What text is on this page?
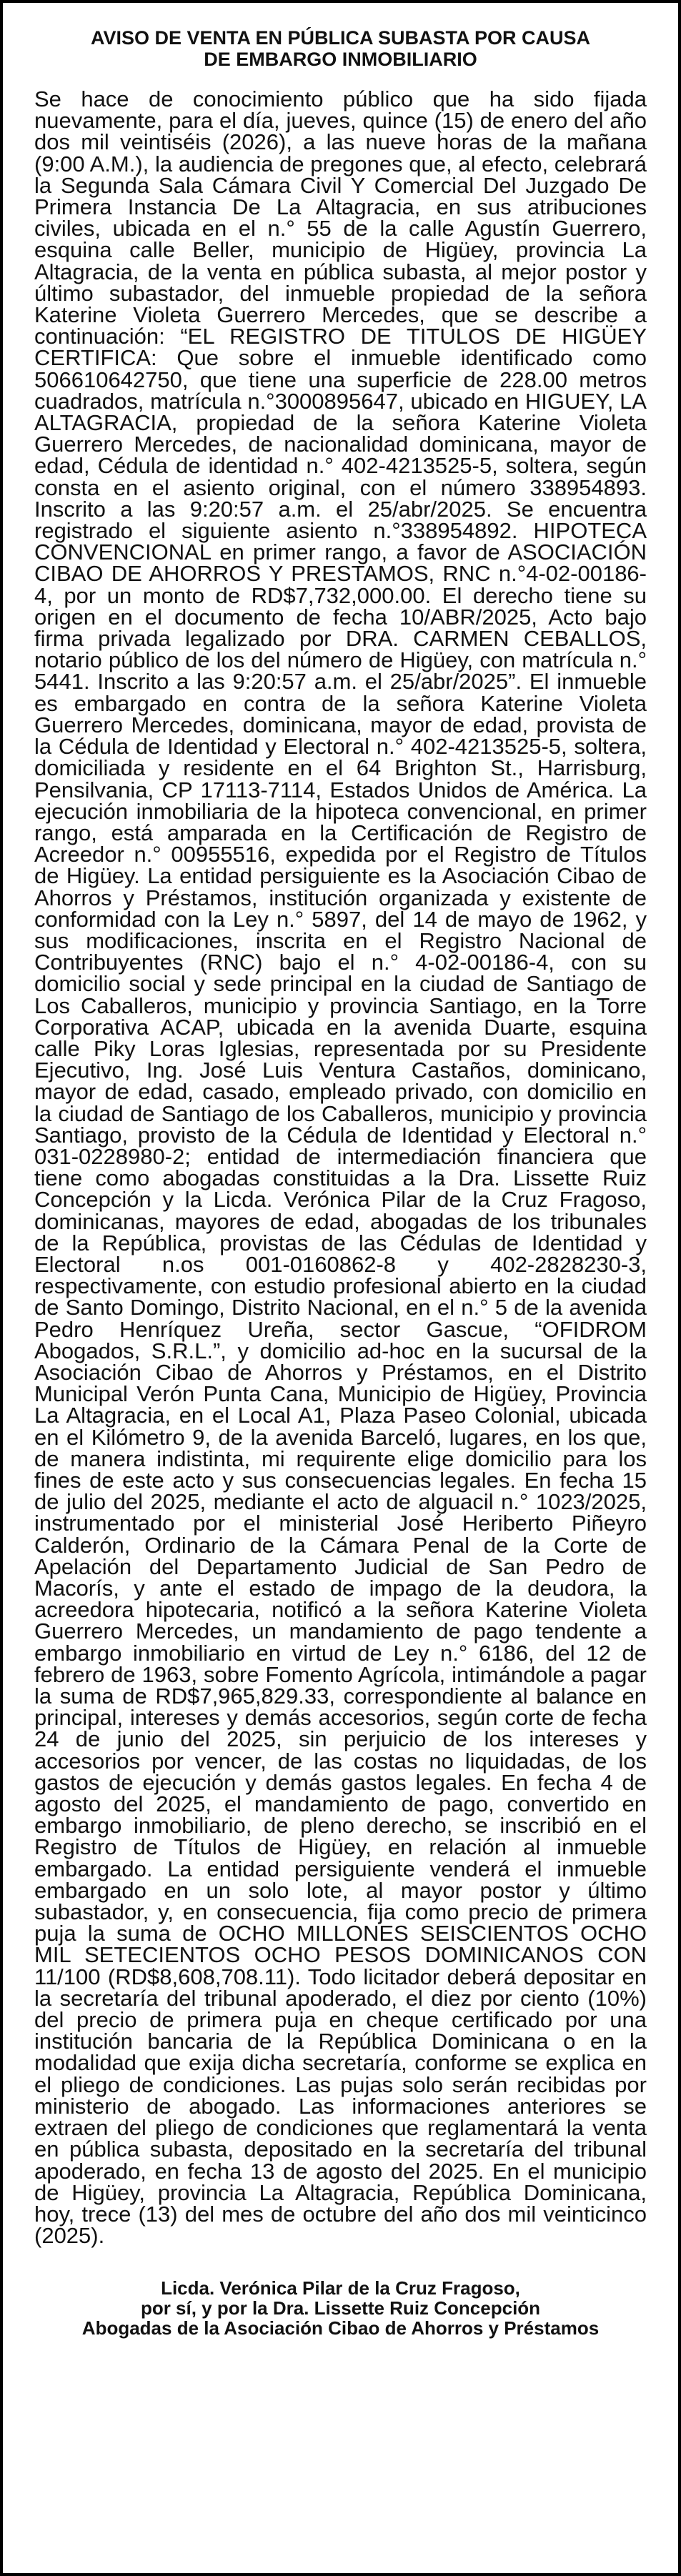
AVISO DE VENTA EN PÚBLICA SUBASTA POR CAUSA
DE EMBARGO INMOBILIARIO

Se hace de conocimiento público que ha sido fijada nuevamente, para el día, jueves, quince (15) de enero del año dos mil veintiséis (2026), a las nueve horas de la mañana (9:00 A.M.), la audiencia de pregones que, al efecto, celebrará la Segunda Sala Cámara Civil Y Comercial Del Juzgado De Primera Instancia De La Altagracia, en sus atribuciones civiles, ubicada en el n.° 55 de la calle Agustín Guerrero, esquina calle Beller, municipio de Higüey, provincia La Altagracia, de la venta en pública subasta, al mejor postor y último subastador, del inmueble propiedad de la señora Katerine Violeta Guerrero Mercedes, que se describe a continuación: “EL REGISTRO DE TITULOS DE HIGÜEY CERTIFICA: Que sobre el inmueble identificado como 506610642750, que tiene una superficie de 228.00 metros cuadrados, matrícula n.°3000895647, ubicado en HIGUEY, LA ALTAGRACIA, propiedad de la señora Katerine Violeta Guerrero Mercedes, de nacionalidad dominicana, mayor de edad, Cédula de identidad n.° 402-4213525-5, soltera, según consta en el asiento original, con el número 338954893. Inscrito a las 9:20:57 a.m. el 25/abr/2025. Se encuentra registrado el siguiente asiento n.°338954892. HIPOTECA CONVENCIONAL en primer rango, a favor de ASOCIACIÓN CIBAO DE AHORROS Y PRESTAMOS, RNC n.°4-02-00186-4, por un monto de RD$7,732,000.00. El derecho tiene su origen en el documento de fecha 10/ABR/2025, Acto bajo firma privada legalizado por DRA. CARMEN CEBALLOS, notario público de los del número de Higüey, con matrícula n.° 5441. Inscrito a las 9:20:57 a.m. el 25/abr/2025”. El inmueble es embargado en contra de la señora Katerine Violeta Guerrero Mercedes, dominicana, mayor de edad, provista de la Cédula de Identidad y Electoral n.° 402-4213525-5, soltera, domiciliada y residente en el 64 Brighton St., Harrisburg, Pensilvania, CP 17113-7114, Estados Unidos de América. La ejecución inmobiliaria de la hipoteca convencional, en primer rango, está amparada en la Certificación de Registro de Acreedor n.° 00955516, expedida por el Registro de Títulos de Higüey. La entidad persiguiente es la Asociación Cibao de Ahorros y Préstamos, institución organizada y existente de conformidad con la Ley n.° 5897, del 14 de mayo de 1962, y sus modificaciones, inscrita en el Registro Nacional de Contribuyentes (RNC) bajo el n.° 4-02-00186-4, con su domicilio social y sede principal en la ciudad de Santiago de Los Caballeros, municipio y provincia Santiago, en la Torre Corporativa ACAP, ubicada en la avenida Duarte, esquina calle Piky Loras Iglesias, representada por su Presidente Ejecutivo, Ing. José Luis Ventura Castaños, dominicano, mayor de edad, casado, empleado privado, con domicilio en la ciudad de Santiago de los Caballeros, municipio y provincia Santiago, provisto de la Cédula de Identidad y Electoral n.° 031-0228980-2; entidad de intermediación financiera que tiene como abogadas constituidas a la Dra. Lissette Ruiz Concepción y la Licda. Verónica Pilar de la Cruz Fragoso, dominicanas, mayores de edad, abogadas de los tribunales de la República, provistas de las Cédulas de Identidad y Electoral n.os 001-0160862-8 y 402-2828230-3, respectivamente, con estudio profesional abierto en la ciudad de Santo Domingo, Distrito Nacional, en el n.° 5 de la avenida Pedro Henríquez Ureña, sector Gascue, “OFIDROM Abogados, S.R.L.”, y domicilio ad-hoc en la sucursal de la Asociación Cibao de Ahorros y Préstamos, en el Distrito Municipal Verón Punta Cana, Municipio de Higüey, Provincia La Altagracia, en el Local A1, Plaza Paseo Colonial, ubicada en el Kilómetro 9, de la avenida Barceló, lugares, en los que, de manera indistinta, mi requirente elige domicilio para los fines de este acto y sus consecuencias legales. En fecha 15 de julio del 2025, mediante el acto de alguacil n.° 1023/2025, instrumentado por el ministerial José Heriberto Piñeyro Calderón, Ordinario de la Cámara Penal de la Corte de Apelación del Departamento Judicial de San Pedro de Macorís, y ante el estado de impago de la deudora, la acreedora hipotecaria, notificó a la señora Katerine Violeta Guerrero Mercedes, un mandamiento de pago tendente a embargo inmobiliario en virtud de Ley n.° 6186, del 12 de febrero de 1963, sobre Fomento Agrícola, intimándole a pagar la suma de RD$7,965,829.33, correspondiente al balance en principal, intereses y demás accesorios, según corte de fecha 24 de junio del 2025, sin perjuicio de los intereses y accesorios por vencer, de las costas no liquidadas, de los gastos de ejecución y demás gastos legales. En fecha 4 de agosto del 2025, el mandamiento de pago, convertido en embargo inmobiliario, de pleno derecho, se inscribió en el Registro de Títulos de Higüey, en relación al inmueble embargado. La entidad persiguiente venderá el inmueble embargado en un solo lote, al mayor postor y último subastador, y, en consecuencia, fija como precio de primera puja la suma de OCHO MILLONES SEISCIENTOS OCHO MIL SETECIENTOS OCHO PESOS DOMINICANOS CON 11/100 (RD$8,608,708.11). Todo licitador deberá depositar en la secretaría del tribunal apoderado, el diez por ciento (10%) del precio de primera puja en cheque certificado por una institución bancaria de la República Dominicana o en la modalidad que exija dicha secretaría, conforme se explica en el pliego de condiciones. Las pujas solo serán recibidas por ministerio de abogado. Las informaciones anteriores se extraen del pliego de condiciones que reglamentará la venta en pública subasta, depositado en la secretaría del tribunal apoderado, en fecha 13 de agosto del 2025. En el municipio de Higüey, provincia La Altagracia, República Dominicana, hoy, trece (13) del mes de octubre del año dos mil veinticinco (2025).

Licda. Verónica Pilar de la Cruz Fragoso,
por sí, y por la Dra. Lissette Ruiz Concepción
Abogadas de la Asociación Cibao de Ahorros y Préstamos
